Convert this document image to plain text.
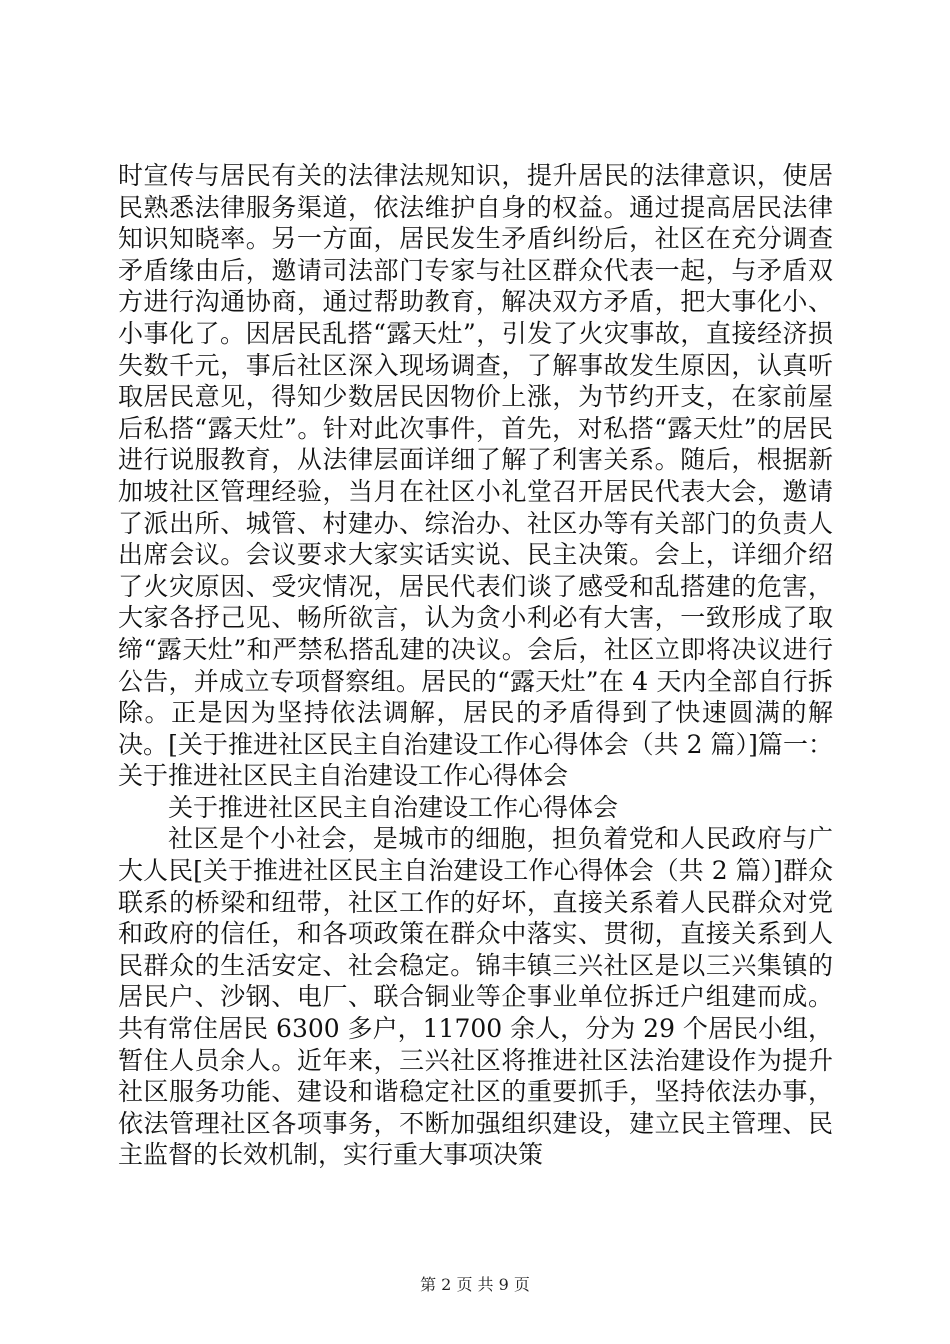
时宣传与居民有关的法律法规知识，提升居民的法律意识，使居民熟悉法律服务渠道，依法维护自身的权益。通过提高居民法律知识知晓率。另一方面，居民发生矛盾纠纷后，社区在充分调查矛盾缘由后，邀请司法部门专家与社区群众代表一起，与矛盾双方进行沟通协商，通过帮助教育，解决双方矛盾，把大事化小、小事化了。因居民乱搭“露天灶”，引发了火灾事故，直接经济损失数千元，事后社区深入现场调查，了解事故发生原因，认真听取居民意见，得知少数居民因物价上涨，为节约开支，在家前屋后私搭“露天灶”。针对此次事件，首先，对私搭“露天灶”的居民进行说服教育，从法律层面详细了解了利害关系。随后，根据新加坡社区管理经验，当月在社区小礼堂召开居民代表大会，邀请了派出所、城管、村建办、综治办、社区办等有关部门的负责人出席会议。会议要求大家实话实说、民主决策。会上，详细介绍了火灾原因、受灾情况，居民代表们谈了感受和乱搭建的危害，大家各抒己见、畅所欲言，认为贪小利必有大害，一致形成了取缔“露天灶”和严禁私搭乱建的决议。会后，社区立即将决议进行公告，并成立专项督察组。居民的“露天灶”在 4 天内全部自行拆除。正是因为坚持依法调解，居民的矛盾得到了快速圆满的解决。[关于推进社区民主自治建设工作心得体会（共 2 篇）]篇一：关于推进社区民主自治建设工作心得体会

关于推进社区民主自治建设工作心得体会

社区是个小社会，是城市的细胞，担负着党和人民政府与广大人民[关于推进社区民主自治建设工作心得体会（共 2 篇）]群众联系的桥梁和纽带，社区工作的好坏，直接关系着人民群众对党和政府的信任，和各项政策在群众中落实、贯彻，直接关系到人民群众的生活安定、社会稳定。锦丰镇三兴社区是以三兴集镇的居民户、沙钢、电厂、联合铜业等企事业单位拆迁户组建而成。共有常住居民 6300 多户，11700 余人，分为 29 个居民小组，暂住人员余人。近年来，三兴社区将推进社区法治建设作为提升社区服务功能、建设和谐稳定社区的重要抓手，坚持依法办事，依法管理社区各项事务，不断加强组织建设，建立民主管理、民主监督的长效机制，实行重大事项决策

第 2 页 共 9 页
